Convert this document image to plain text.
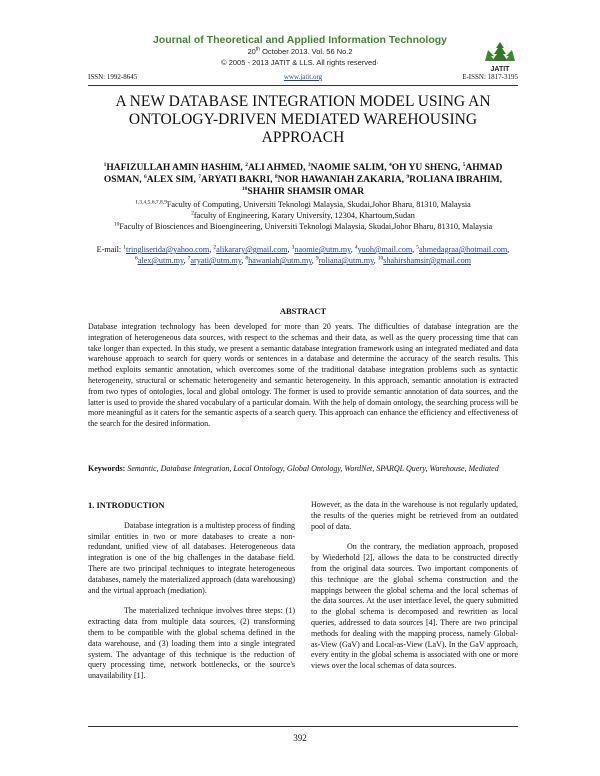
Journal of Theoretical and Applied Information Technology
20th October 2013. Vol. 56 No.2
© 2005 - 2013 JATIT & LLS. All rights reserved·
JATIT
ISSN: 1992-8645	www.jatit.org	E-ISSN: 1817-3195
A NEW DATABASE INTEGRATION MODEL USING AN
ONTOLOGY-DRIVEN MEDIATED WAREHOUSING
APPROACH
$^1$HAFIZULLAH AMIN HASHIM, $^2$ALI AHMED, $^3$NAOMIE SALIM, $^4$OH YU SHENG, $^5$AHMAD OSMAN, $^6$ALEX SIM, $^7$ARYATI BAKRI, $^8$NOR HAWANIAH ZAKARIA, $^9$ROLIANA IBRAHIM, $^{10}$SHAHIR SHAMSIR OMAR
$^{1,3,4,5,6,7,8,9}$Faculty of Computing, Universiti Teknologi Malaysia, Skudai,Johor Bharu, 81310, Malaysia
$^2$faculty of Engineering, Karary University, 12304, Khartoum,Sudan
$^{10}$Faculty of Biosciences and Bioengineering, Universiti Teknologi Malaysia, Skudai,Johor Bharu, 81310, Malaysia
E-mail: $^1$tringliserida@yahoo.com, $^2$alikarary@gmail.com, $^3$naomie@utm.my, $^4$yuoh@mail.com, $^5$ahmedagraa@hotmail.com, $^6$alex@utm.my, $^7$aryati@utm.my, $^8$hawaniah@utm.my, $^9$roliana@utm.my, $^{10}$shahirshamsir@gmail.com
ABSTRACT
Database integration technology has been developed for more than 20 years. The difficulties of database integration are the integration of heterogeneous data sources, with respect to the schemas and their data, as well as the query processing time that can take longer than expected. In this study, we present a semantic database integration framework using an integrated mediated and data warehouse approach to search for query words or sentences in a database and determine the accuracy of the search results. This method exploits semantic annotation, which overcomes some of the traditional database integration problems such as syntactic heterogeneity, structural or schematic heterogeneity and semantic heterogeneity. In this approach, semantic annotation is extracted from two types of ontologies, local and global ontology. The former is used to provide semantic annotation of data sources, and the latter is used to provide the shared vocabulary of a particular domain. With the help of domain ontology, the searching process will be more meaningful as it caters for the semantic aspects of a search query. This approach can enhance the efficiency and effectiveness of the search for the desired information.
Keywords: Semantic, Database Integration, Local Ontology, Global Ontology, WordNet, SPARQL Query, Warehouse, Mediated
1. INTRODUCTION

Database integration is a multistep process of finding similar entities in two or more databases to create a non-redundant, unified view of all databases. Heterogeneous data integration is one of the big challenges in the database field. There are two principal techniques to integrate heterogeneous databases, namely the materialized approach (data warehousing) and the virtual approach (mediation).

The materialized technique involves three steps: (1) extracting data from multiple data sources, (2) transforming them to be compatible with the global schema defined in the data warehouse, and (3) loading them into a single integrated system. The advantage of this technique is the reduction of query processing time, network bottlenecks, or the source's unavailability [1].

However, as the data in the warehouse is not regularly updated, the results of the queries might be retrieved from an outdated pool of data.

On the contrary, the mediation approach, proposed by Wiederhold [2], allows the data to be constructed directly from the original data sources. Two important components of this technique are the global schema construction and the mappings between the global schema and the local schemas of the data sources. At the user interface level, the query submitted to the global schema is decomposed and rewritten as local queries, addressed to data sources [4]. There are two principal methods for dealing with the mapping process, namely Global-as-View (GaV) and Local-as-View (LaV). In the GaV approach, every entity in the global schema is associated with one or more views over the local schemas of data sources.

392
